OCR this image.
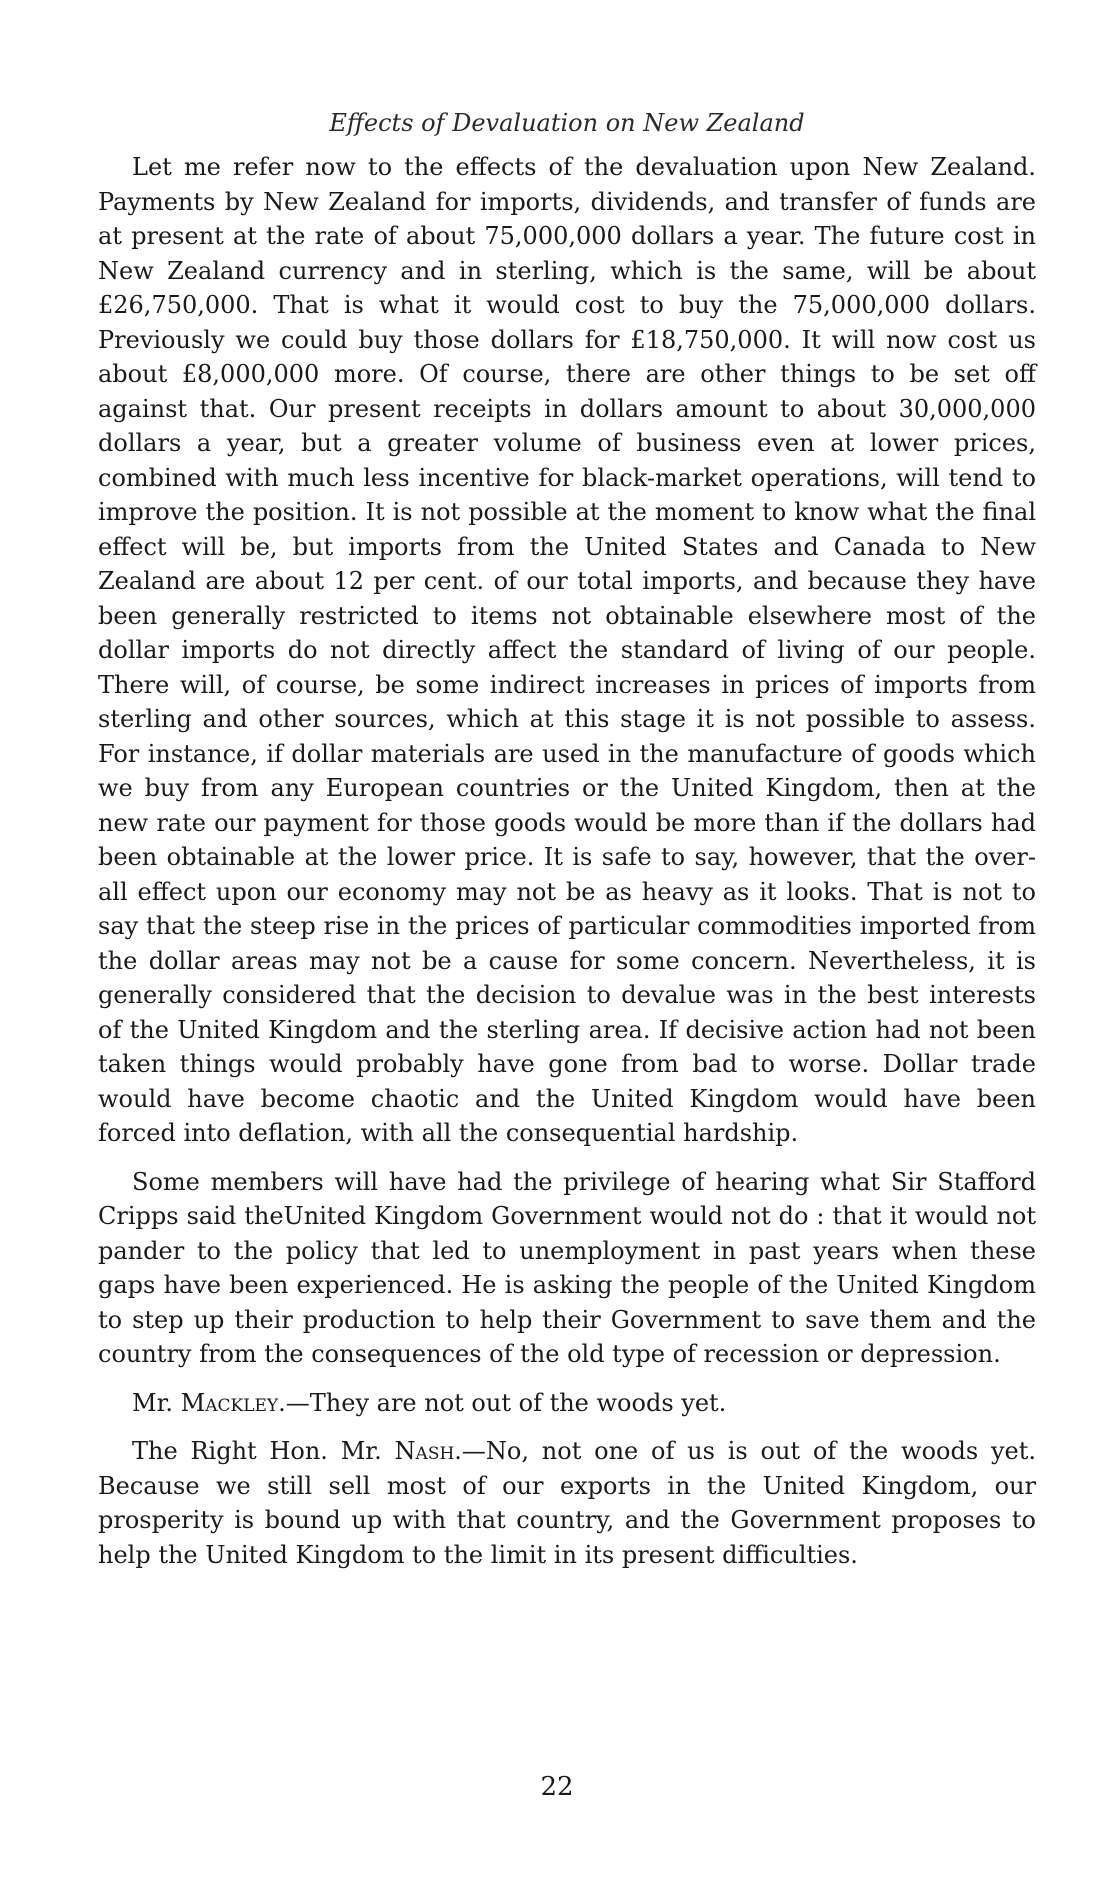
Effects of Devaluation on New Zealand

Let me refer now to the effects of the devaluation upon New Zealand. Payments by New Zealand for imports, dividends, and transfer of funds are at present at the rate of about 75,000,000 dollars a year. The future cost in New Zealand currency and in sterling, which is the same, will be about £26,750,000. That is what it would cost to buy the 75,000,000 dollars. Previously we could buy those dollars for £18,750,000. It will now cost us about £8,000,000 more. Of course, there are other things to be set off against that. Our present receipts in dollars amount to about 30,000,000 dollars a year, but a greater volume of business even at lower prices, combined with much less incentive for black-market operations, will tend to improve the position. It is not possible at the moment to know what the final effect will be, but imports from the United States and Canada to New Zealand are about 12 per cent. of our total imports, and because they have been generally restricted to items not obtainable elsewhere most of the dollar imports do not directly affect the standard of living of our people. There will, of course, be some indirect increases in prices of imports from sterling and other sources, which at this stage it is not possible to assess. For instance, if dollar materials are used in the manufacture of goods which we buy from any European countries or the United Kingdom, then at the new rate our payment for those goods would be more than if the dollars had been obtainable at the lower price. It is safe to say, however, that the over-all effect upon our economy may not be as heavy as it looks. That is not to say that the steep rise in the prices of particular commodities imported from the dollar areas may not be a cause for some concern. Nevertheless, it is generally considered that the decision to devalue was in the best interests of the United Kingdom and the sterling area. If decisive action had not been taken things would probably have gone from bad to worse. Dollar trade would have become chaotic and the United Kingdom would have been forced into deflation, with all the consequential hardship.

Some members will have had the privilege of hearing what Sir Stafford Cripps said theUnited Kingdom Government would not do : that it would not pander to the policy that led to unemployment in past years when these gaps have been experienced. He is asking the people of the United Kingdom to step up their production to help their Government to save them and the country from the consequences of the old type of recession or depression.

Mr. Mackley.—They are not out of the woods yet.

The Right Hon. Mr. Nash.—No, not one of us is out of the woods yet. Because we still sell most of our exports in the United Kingdom, our prosperity is bound up with that country, and the Government proposes to help the United Kingdom to the limit in its present difficulties.

22
